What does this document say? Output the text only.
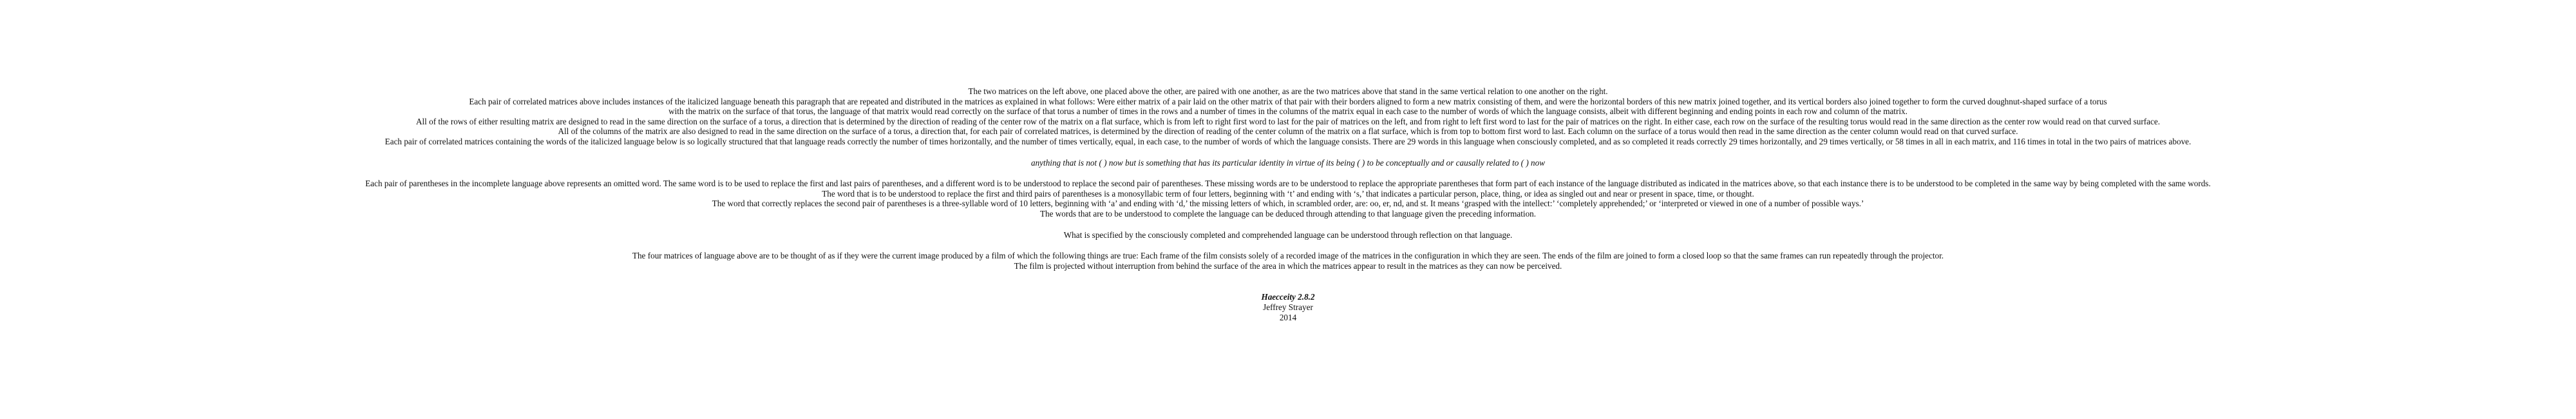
The two matrices on the left above, one placed above the other, are paired with one another, as are the two matrices above that stand in the same vertical relation to one another on the right.

Each pair of correlated matrices above includes instances of the italicized language beneath this paragraph that are repeated and distributed in the matrices as explained in what follows: Were either matrix of a pair laid on the other matrix of that pair with their borders aligned to form a new matrix consisting of them, and were the horizontal borders of this new matrix joined together, and its vertical borders also joined together to form the curved doughnut-shaped surface of a torus

with the matrix on the surface of that torus, the language of that matrix would read correctly on the surface of that torus a number of times in the rows and a number of times in the columns of the matrix equal in each case to the number of words of which the language consists, albeit with different beginning and ending points in each row and column of the matrix.

All of the rows of either resulting matrix are designed to read in the same direction on the surface of a torus, a direction that is determined by the direction of reading of the center row of the matrix on a flat surface, which is from left to right first word to last for the pair of matrices on the left, and from right to left first word to last for the pair of matrices on the right. In either case, each row on the surface of the resulting torus would read in the same direction as the center row would read on that curved surface.

All of the columns of the matrix are also designed to read in the same direction on the surface of a torus, a direction that, for each pair of correlated matrices, is determined by the direction of reading of the center column of the matrix on a flat surface, which is from top to bottom first word to last. Each column on the surface of a torus would then read in the same direction as the center column would read on that curved surface.

Each pair of correlated matrices containing the words of the italicized language below is so logically structured that that language reads correctly the number of times horizontally, and the number of times vertically, equal, in each case, to the number of words of which the language consists. There are 29 words in this language when consciously completed, and as so completed it reads correctly 29 times horizontally, and 29 times vertically, or 58 times in all in each matrix, and 116 times in total in the two pairs of matrices above.

anything that is not ( ) now but is something that has its particular identity in virtue of its being ( ) to be conceptually and or causally related to ( ) now

Each pair of parentheses in the incomplete language above represents an omitted word. The same word is to be used to replace the first and last pairs of parentheses, and a different word is to be understood to replace the second pair of parentheses. These missing words are to be understood to replace the appropriate parentheses that form part of each instance of the language distributed as indicated in the matrices above, so that each instance there is to be understood to be completed in the same way by being completed with the same words.

The word that is to be understood to replace the first and third pairs of parentheses is a monosyllabic term of four letters, beginning with ‘t’ and ending with ‘s,’ that indicates a particular person, place, thing, or idea as singled out and near or present in space, time, or thought.

The word that correctly replaces the second pair of parentheses is a three-syllable word of 10 letters, beginning with ‘a’ and ending with ‘d,’ the missing letters of which, in scrambled order, are: oo, er, nd, and st. It means ‘grasped with the intellect:’ ‘completely apprehended;’ or ‘interpreted or viewed in one of a number of possible ways.’

The words that are to be understood to complete the language can be deduced through attending to that language given the preceding information.

What is specified by the consciously completed and comprehended language can be understood through reflection on that language.

The four matrices of language above are to be thought of as if they were the current image produced by a film of which the following things are true: Each frame of the film consists solely of a recorded image of the matrices in the configuration in which they are seen. The ends of the film are joined to form a closed loop so that the same frames can run repeatedly through the projector.

The film is projected without interruption from behind the surface of the area in which the matrices appear to result in the matrices as they can now be perceived.

Haecceity 2.8.2

Jeffrey Strayer

2014
